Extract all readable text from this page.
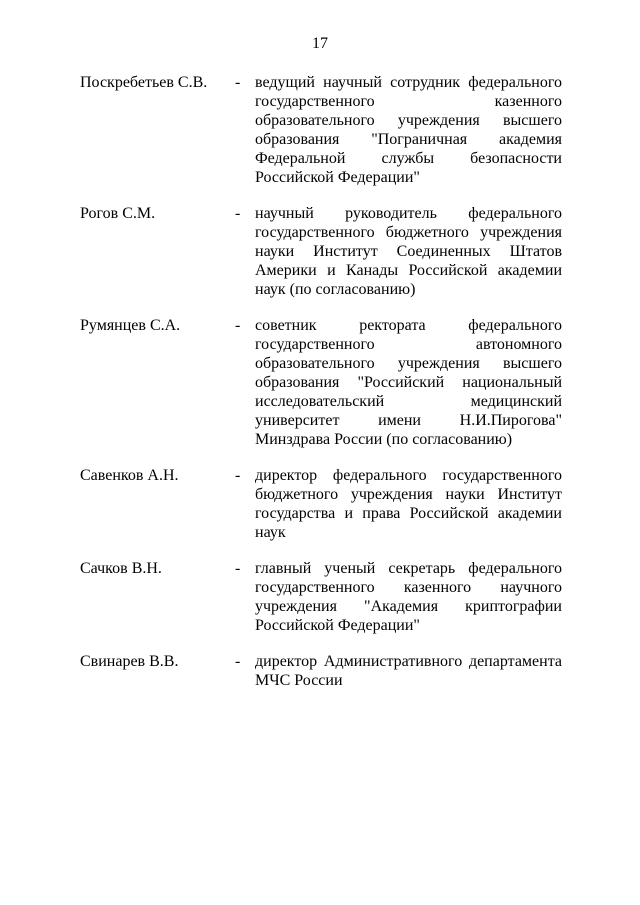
17
Поскребетьев С.В.	- ведущий научный сотрудник федерального
государственного казенного
образовательного учреждения высшего
образования "Пограничная академия
Федеральной службы безопасности
Российской Федерации"
Рогов С.М.	- научный руководитель федерального
государственного бюджетного учреждения
науки Институт Соединенных Штатов
Америки и Канады Российской академии
наук (по согласованию)
Румянцев С.А.	- советник ректората федерального
государственного автономного
образовательного учреждения высшего
образования "Российский национальный
исследовательский медицинский
университет имени Н.И.Пирогова"
Минздрава России (по согласованию)
Савенков А.Н.	- директор федерального государственного
бюджетного учреждения науки Институт
государства и права Российской академии
наук
Сачков В.Н.	- главный ученый секретарь федерального
государственного казенного научного
учреждения "Академия криптографии
Российской Федерации"
Свинарев В.В.	- директор Административного департамента
МЧС России
